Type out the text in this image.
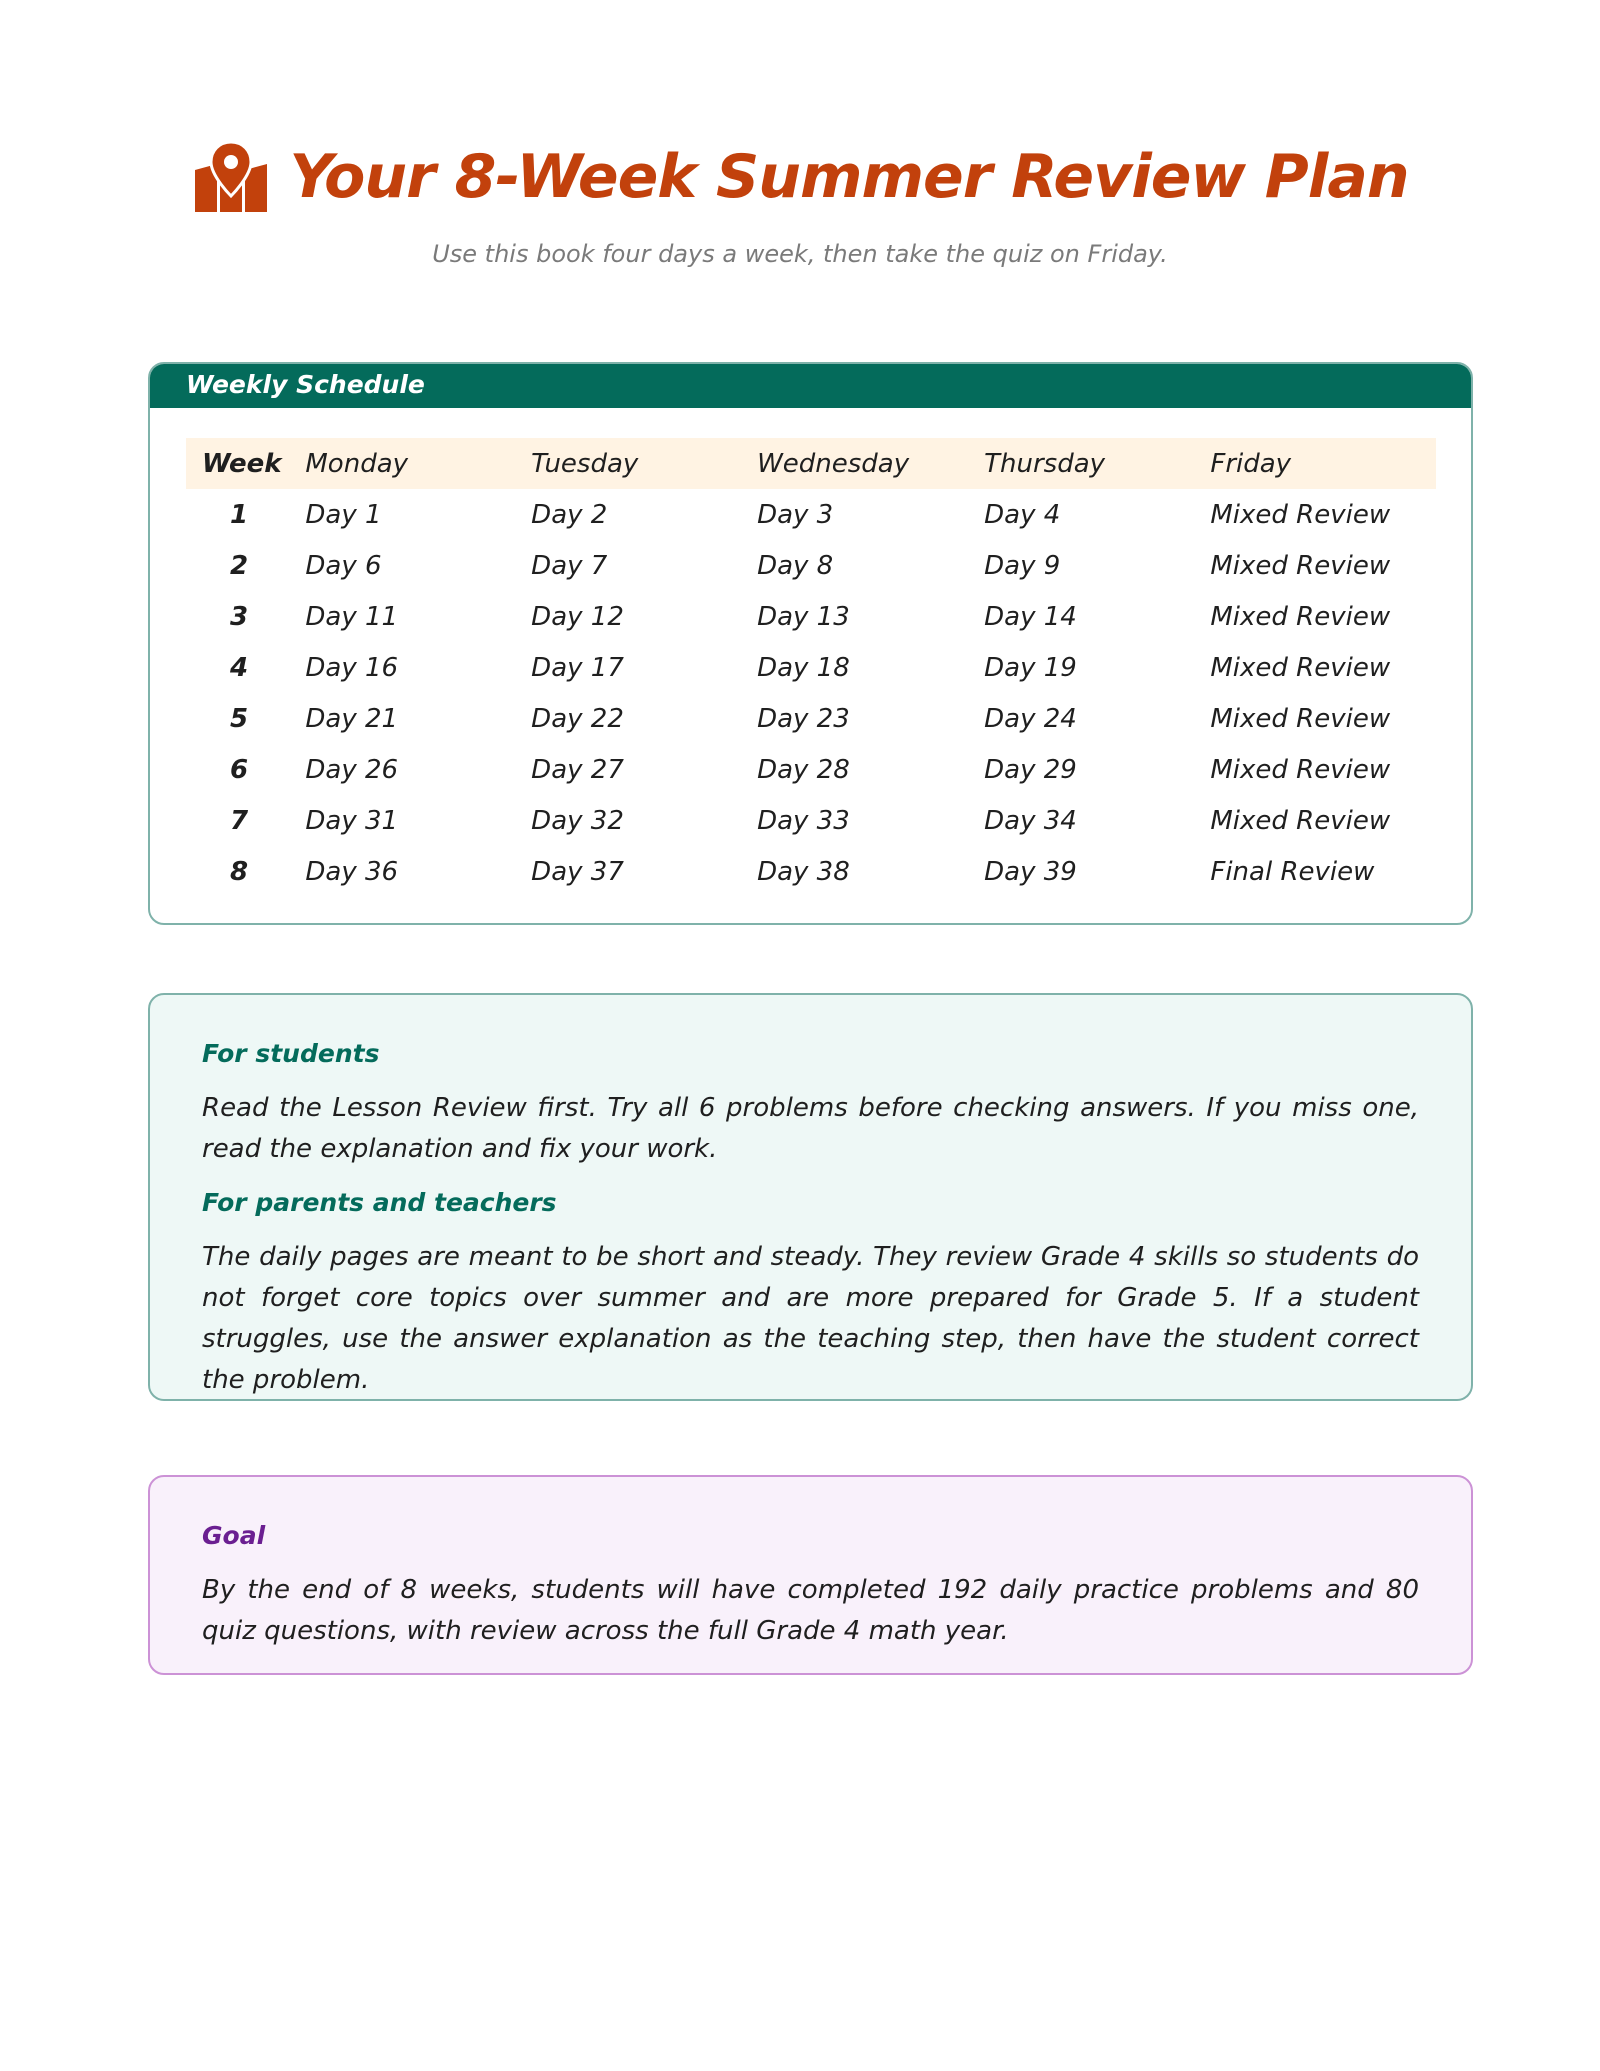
Your 8-Week Summer Review Plan
Use this book four days a week, then take the quiz on Friday.
Weekly Schedule
Week	Monday	Tuesday	Wednesday	Thursday	Friday
1	Day 1	Day 2	Day 3	Day 4	Mixed Review
2	Day 6	Day 7	Day 8	Day 9	Mixed Review
3	Day 11	Day 12	Day 13	Day 14	Mixed Review
4	Day 16	Day 17	Day 18	Day 19	Mixed Review
5	Day 21	Day 22	Day 23	Day 24	Mixed Review
6	Day 26	Day 27	Day 28	Day 29	Mixed Review
7	Day 31	Day 32	Day 33	Day 34	Mixed Review
8	Day 36	Day 37	Day 38	Day 39	Final Review
For students

Read the Lesson Review first. Try all 6 problems before checking answers. If you miss one, read the explanation and fix your work.

For parents and teachers

The daily pages are meant to be short and steady. They review Grade 4 skills so students do not forget core topics over summer and are more prepared for Grade 5. If a student struggles, use the answer explanation as the teaching step, then have the student correct the problem.

Goal

By the end of 8 weeks, students will have completed 192 daily practice problems and 80 quiz questions, with review across the full Grade 4 math year.
